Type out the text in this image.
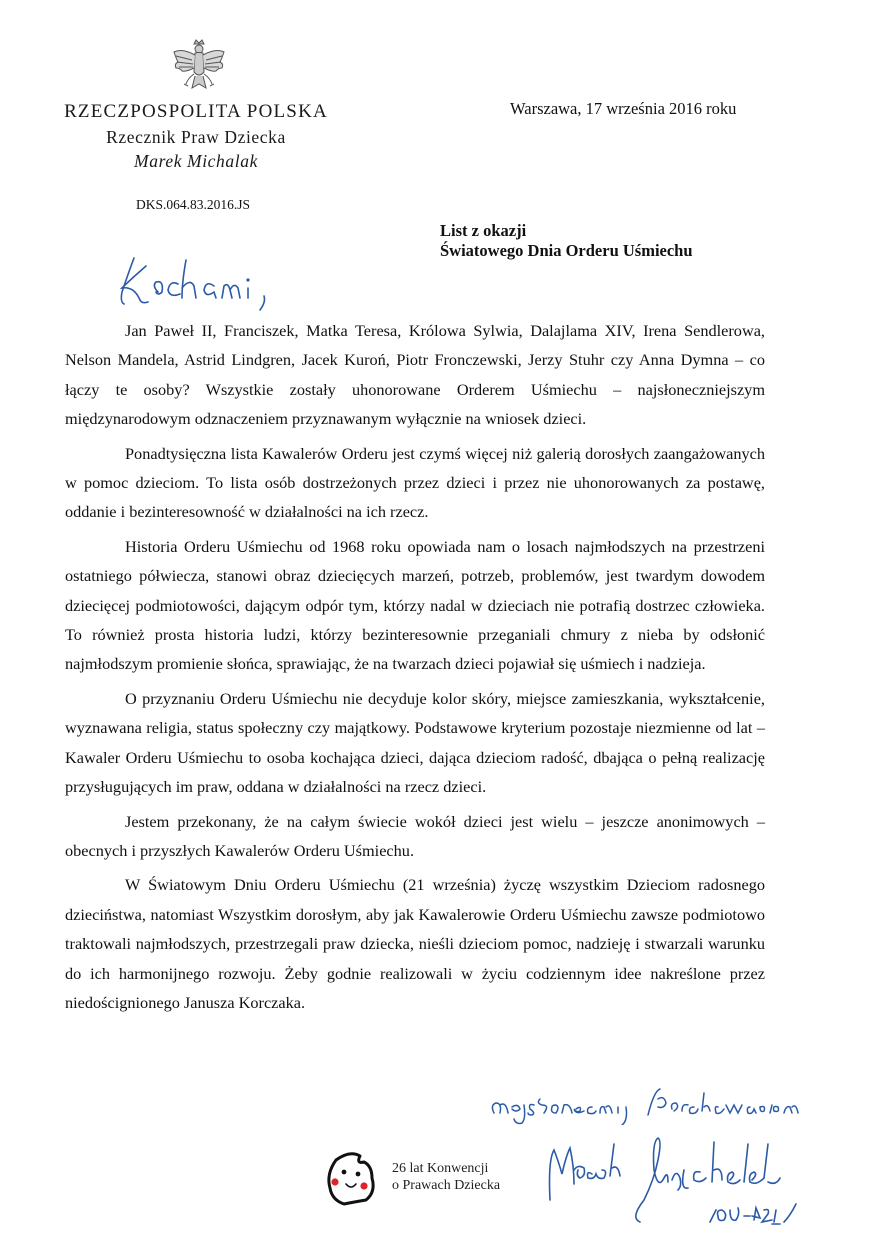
RZECZPOSPOLITA POLSKA
Rzecznik Praw Dziecka
Marek Michalak
DKS.064.83.2016.JS
Warszawa, 17 września 2016 roku
List z okazji
Światowego Dnia Orderu Uśmiechu

Jan Paweł II, Franciszek, Matka Teresa, Królowa Sylwia, Dalajlama XIV, Irena Sendlerowa, Nelson Mandela, Astrid Lindgren, Jacek Kuroń, Piotr Fronczewski, Jerzy Stuhr czy Anna Dymna – co łączy te osoby? Wszystkie zostały uhonorowane Orderem Uśmiechu – najsłoneczniejszym międzynarodowym odznaczeniem przyznawanym wyłącznie na wniosek dzieci.

Ponadtysięczna lista Kawalerów Orderu jest czymś więcej niż galerią dorosłych zaangażowanych w pomoc dzieciom. To lista osób dostrzeżonych przez dzieci i przez nie uhonorowanych za postawę, oddanie i bezinteresowność w działalności na ich rzecz.

Historia Orderu Uśmiechu od 1968 roku opowiada nam o losach najmłodszych na przestrzeni ostatniego półwiecza, stanowi obraz dziecięcych marzeń, potrzeb, problemów, jest twardym dowodem dziecięcej podmiotowości, dającym odpór tym, którzy nadal w dzieciach nie potrafią dostrzec człowieka. To również prosta historia ludzi, którzy bezinteresownie przeganiali chmury z nieba by odsłonić najmłodszym promienie słońca, sprawiając, że na twarzach dzieci pojawiał się uśmiech i nadzieja.

O przyznaniu Orderu Uśmiechu nie decyduje kolor skóry, miejsce zamieszkania, wykształcenie, wyznawana religia, status społeczny czy majątkowy. Podstawowe kryterium pozostaje niezmienne od lat – Kawaler Orderu Uśmiechu to osoba kochająca dzieci, dająca dzieciom radość, dbająca o pełną realizację przysługujących im praw, oddana w działalności na rzecz dzieci.

Jestem przekonany, że na całym świecie wokół dzieci jest wielu – jeszcze anonimowych – obecnych i przyszłych Kawalerów Orderu Uśmiechu.

W Światowym Dniu Orderu Uśmiechu (21 września) życzę wszystkim Dzieciom radosnego dzieciństwa, natomiast Wszystkim dorosłym, aby jak Kawalerowie Orderu Uśmiechu zawsze podmiotowo traktowali najmłodszych, przestrzegali praw dziecka, nieśli dzieciom pomoc, nadzieję i stwarzali warunku do ich harmonijnego rozwoju. Żeby godnie realizowali w życiu codziennym idee nakreślone przez niedoścignionego Janusza Korczaka.

26 lat Konwencji
o Prawach Dziecka
